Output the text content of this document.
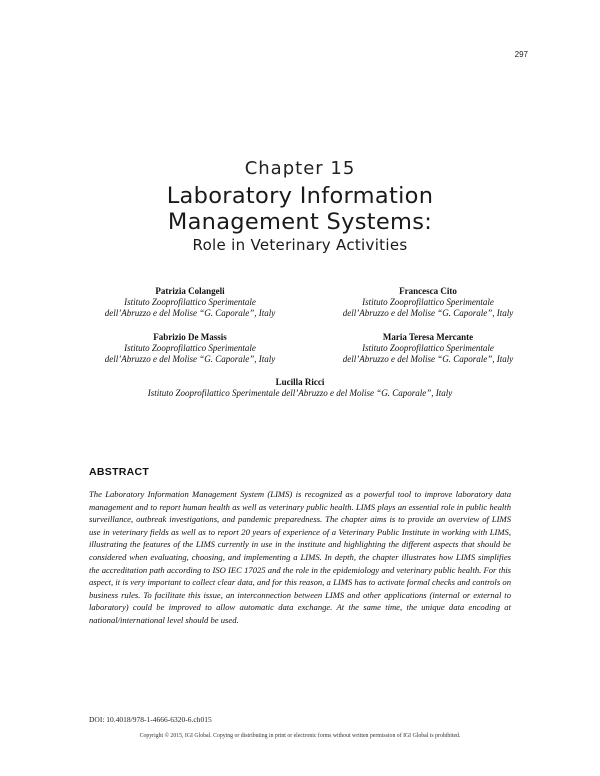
297
Chapter 15
Laboratory Information
Management Systems:
Role in Veterinary Activities
Patrizia Colangeli
Istituto Zooprofilattico Sperimentale
dell’Abruzzo e del Molise “G. Caporale”, Italy
Francesca Cito
Istituto Zooprofilattico Sperimentale
dell’Abruzzo e del Molise “G. Caporale”, Italy
Fabrizio De Massis
Istituto Zooprofilattico Sperimentale
dell’Abruzzo e del Molise “G. Caporale”, Italy
Maria Teresa Mercante
Istituto Zooprofilattico Sperimentale
dell’Abruzzo e del Molise “G. Caporale”, Italy
Lucilla Ricci
Istituto Zooprofilattico Sperimentale dell’Abruzzo e del Molise “G. Caporale”, Italy
ABSTRACT
The Laboratory Information Management System (LIMS) is recognized as a powerful tool to improve laboratory data management and to report human health as well as veterinary public health. LIMS plays an essential role in public health surveillance, outbreak investigations, and pandemic preparedness. The chapter aims is to provide an overview of LIMS use in veterinary fields as well as to report 20 years of experience of a Veterinary Public Institute in working with LIMS, illustrating the features of the LIMS currently in use in the institute and highlighting the different aspects that should be considered when evaluating, choosing, and implementing a LIMS. In depth, the chapter illustrates how LIMS simplifies the accreditation path according to ISO IEC 17025 and the role in the epidemiology and veterinary public health. For this aspect, it is very important to collect clear data, and for this reason, a LIMS has to activate formal checks and controls on business rules. To facilitate this issue, an interconnection between LIMS and other applications (internal or external to laboratory) could be improved to allow automatic data exchange. At the same time, the unique data encoding at national/international level should be used.
DOI: 10.4018/978-1-4666-6320-6.ch015
Copyright © 2015, IGI Global. Copying or distributing in print or electronic forms without written permission of IGI Global is prohibited.
